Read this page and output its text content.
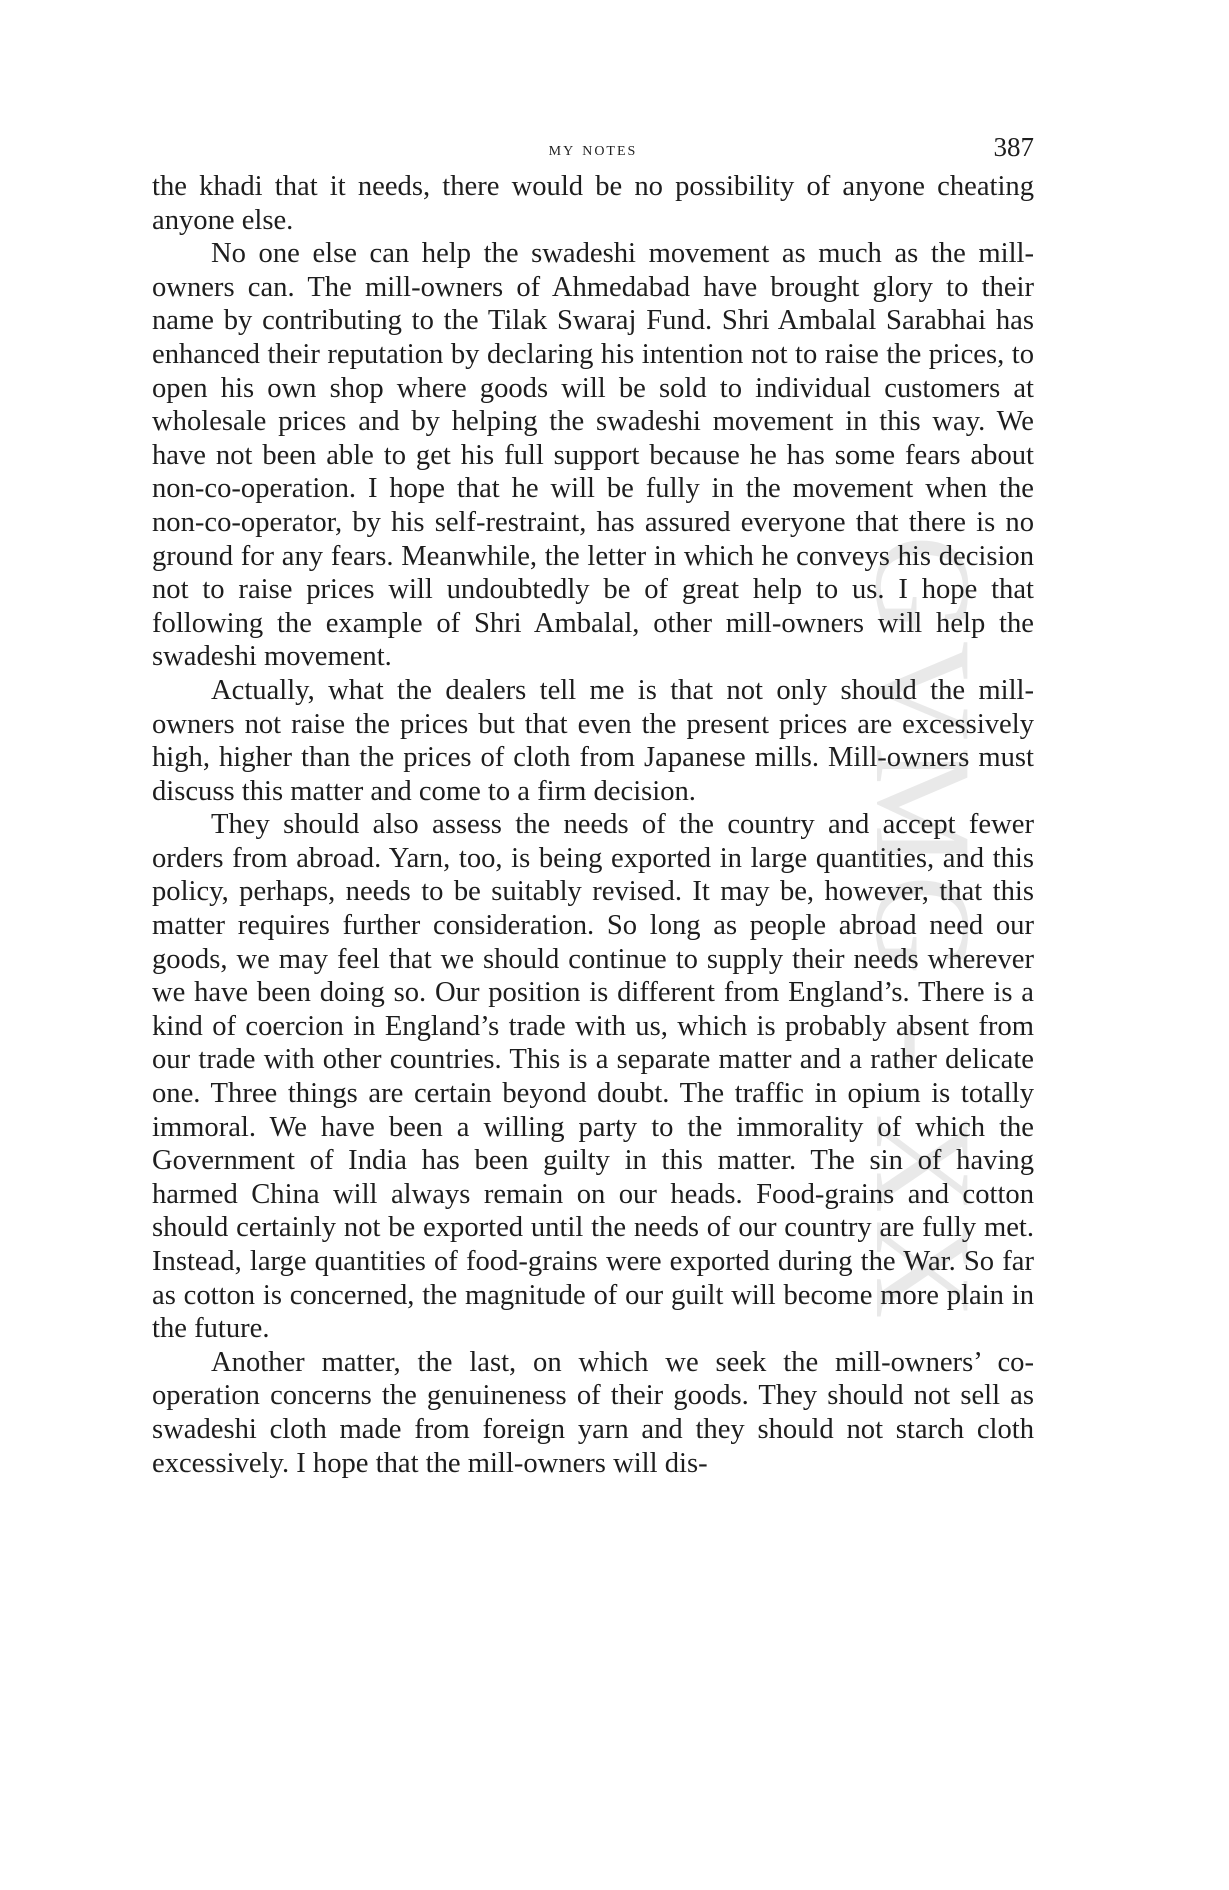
GVMG - XX
my notes	387

the khadi that it needs, there would be no possibility of anyone cheating anyone else.

No one else can help the swadeshi movement as much as the mill-owners can. The mill-owners of Ahmedabad have brought glory to their name by contributing to the Tilak Swaraj Fund. Shri Ambalal Sarabhai has enhanced their reputation by declaring his intention not to raise the prices, to open his own shop where goods will be sold to individual customers at wholesale prices and by helping the swadeshi movement in this way. We have not been able to get his full support because he has some fears about non-co-operation. I hope that he will be fully in the movement when the non-co-operator, by his self-restraint, has assured everyone that there is no ground for any fears. Meanwhile, the letter in which he conveys his decision not to raise prices will undoubtedly be of great help to us. I hope that following the example of Shri Ambalal, other mill-owners will help the swadeshi movement.

Actually, what the dealers tell me is that not only should the mill-owners not raise the prices but that even the present prices are excessively high, higher than the prices of cloth from Japanese mills. Mill-owners must discuss this matter and come to a firm decision.

They should also assess the needs of the country and accept fewer orders from abroad. Yarn, too, is being exported in large quantities, and this policy, perhaps, needs to be suitably revised. It may be, however, that this matter requires further consideration. So long as people abroad need our goods, we may feel that we should continue to supply their needs wherever we have been doing so. Our position is different from England’s. There is a kind of coercion in England’s trade with us, which is probably absent from our trade with other countries. This is a separate matter and a rather delicate one. Three things are certain beyond doubt. The traffic in opium is totally immoral. We have been a willing party to the immorality of which the Government of India has been guilty in this matter. The sin of having harmed China will always remain on our heads. Food-grains and cotton should certainly not be exported until the needs of our country are fully met. Instead, large quantities of food-grains were exported during the War. So far as cotton is concerned, the magnitude of our guilt will become more plain in the future.

Another matter, the last, on which we seek the mill-owners’ co-operation concerns the genuineness of their goods. They should not sell as swadeshi cloth made from foreign yarn and they should not starch cloth excessively. I hope that the mill-owners will dis-
